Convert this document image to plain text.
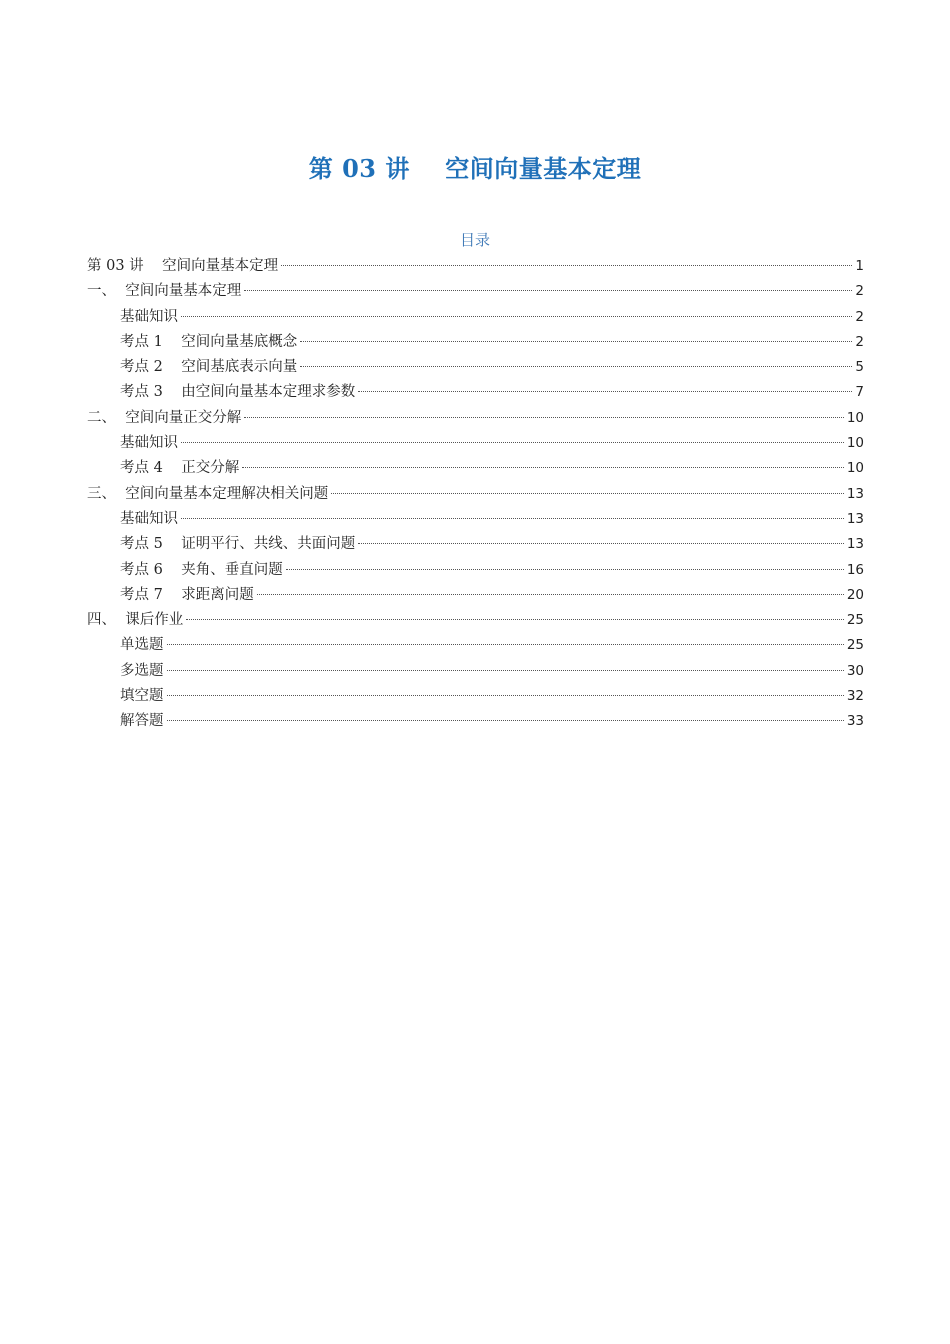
第 03 讲    空间向量基本定理
目录
第 03 讲    空间向量基本定理	1
一、  空间向量基本定理	2
基础知识	2
考点 1    空间向量基底概念	2
考点 2    空间基底表示向量	5
考点 3    由空间向量基本定理求参数	7
二、  空间向量正交分解	10
基础知识	10
考点 4    正交分解	10
三、  空间向量基本定理解决相关问题	13
基础知识	13
考点 5    证明平行、共线、共面问题	13
考点 6    夹角、垂直问题	16
考点 7    求距离问题	20
四、  课后作业	25
单选题	25
多选题	30
填空题	32
解答题	33
